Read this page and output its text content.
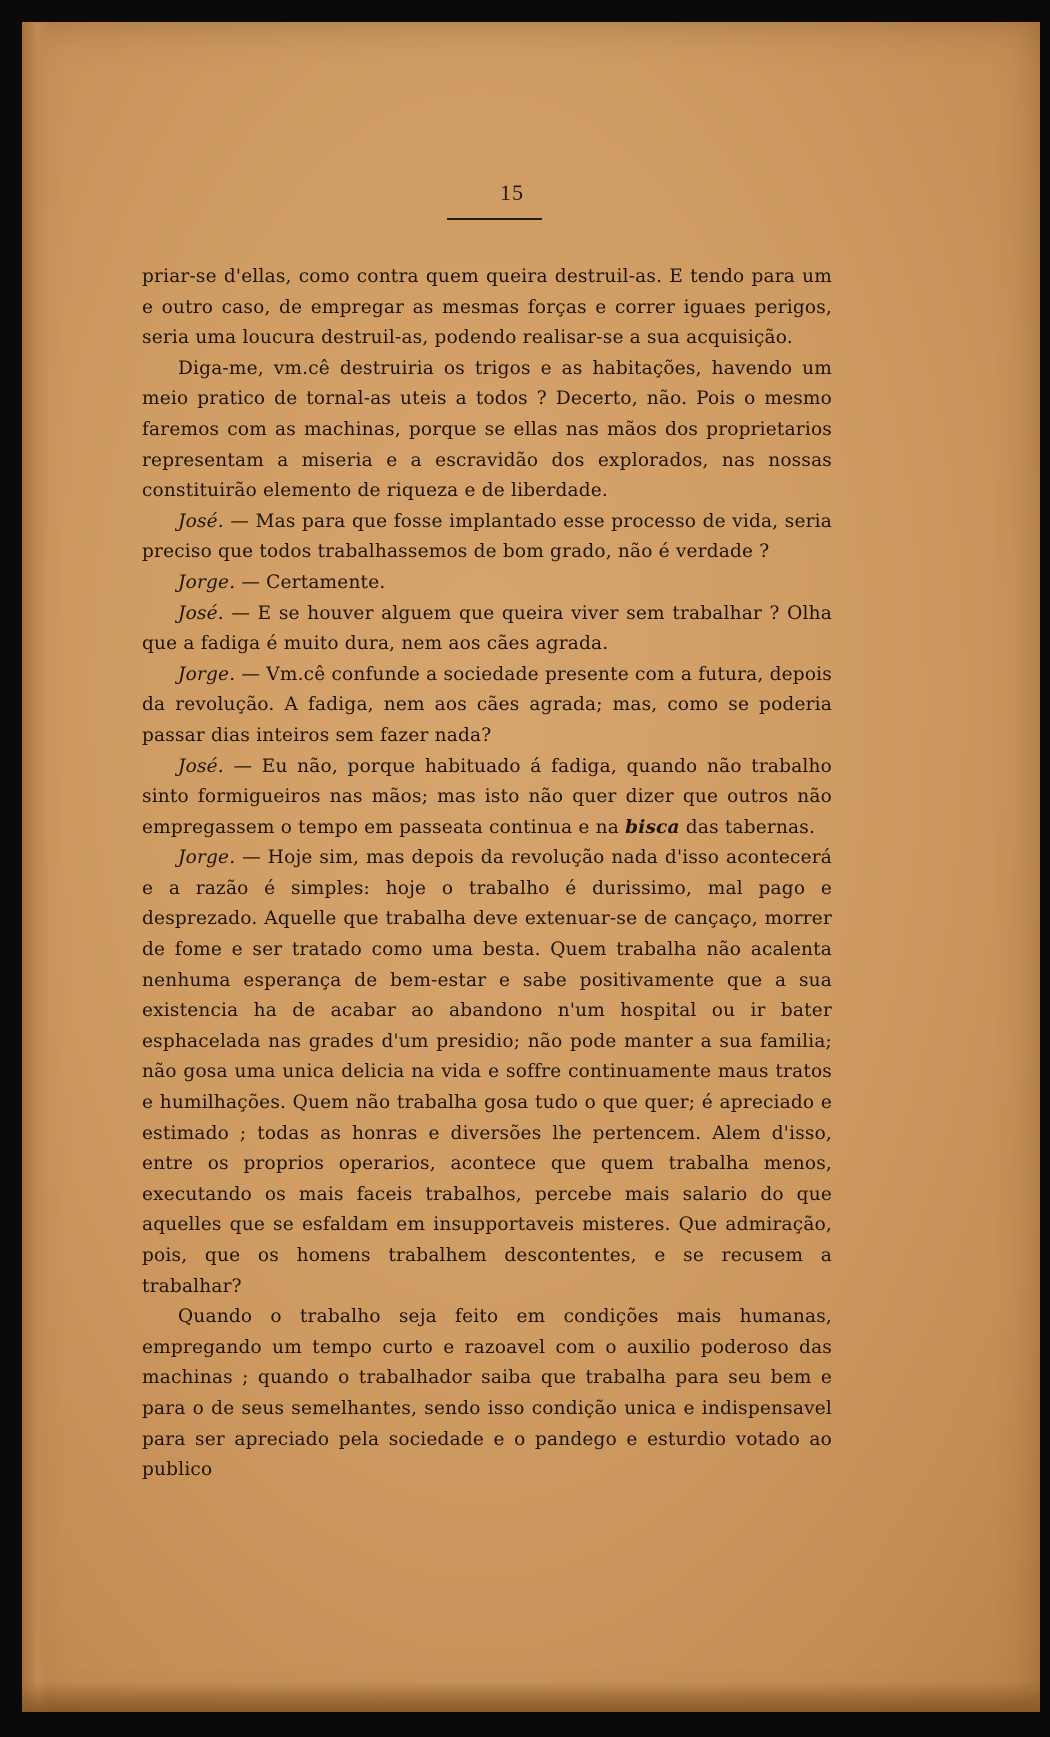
15

priar-se d'ellas, como contra quem queira destruil-as. E tendo para um e outro caso, de empregar as mesmas forças e correr iguaes perigos, seria uma loucura destruil-as, podendo realisar-se a sua acquisição.

Diga-me, vm.cê destruiria os trigos e as habitações, havendo um meio pratico de tornal-as uteis a todos ? Decerto, não. Pois o mesmo faremos com as machinas, porque se ellas nas mãos dos proprietarios representam a miseria e a escravidão dos explorados, nas nossas constituirão elemento de riqueza e de liberdade.

José. — Mas para que fosse implantado esse processo de vida, seria preciso que todos trabalhassemos de bom grado, não é verdade ?

Jorge. — Certamente.

José. — E se houver alguem que queira viver sem trabalhar ? Olha que a fadiga é muito dura, nem aos cães agrada.

Jorge. — Vm.cê confunde a sociedade presente com a futura, depois da revolução. A fadiga, nem aos cães agrada; mas, como se poderia passar dias inteiros sem fazer nada?

José. — Eu não, porque habituado á fadiga, quando não trabalho sinto formigueiros nas mãos; mas isto não quer dizer que outros não empregassem o tempo em passeata continua e na bisca das tabernas.

Jorge. — Hoje sim, mas depois da revolução nada d'isso acontecerá e a razão é simples: hoje o trabalho é durissimo, mal pago e desprezado. Aquelle que trabalha deve extenuar-se de cançaço, morrer de fome e ser tratado como uma besta. Quem trabalha não acalenta nenhuma esperança de bem-estar e sabe positivamente que a sua existencia ha de acabar ao abandono n'um hospital ou ir bater esphacelada nas grades d'um presidio; não pode manter a sua familia; não gosa uma unica delicia na vida e soffre continuamente maus tratos e humilhações. Quem não trabalha gosa tudo o que quer; é apreciado e estimado ; todas as honras e diversões lhe pertencem. Alem d'isso, entre os proprios operarios, acontece que quem trabalha menos, executando os mais faceis trabalhos, percebe mais salario do que aquelles que se esfaldam em insupportaveis misteres. Que admiração, pois, que os homens trabalhem descontentes, e se recusem a trabalhar?

Quando o trabalho seja feito em condições mais humanas, empregando um tempo curto e razoavel com o auxilio poderoso das machinas ; quando o trabalhador saiba que trabalha para seu bem e para o de seus semelhantes, sendo isso condição unica e indispensavel para ser apreciado pela sociedade e o pandego e esturdio votado ao publico
